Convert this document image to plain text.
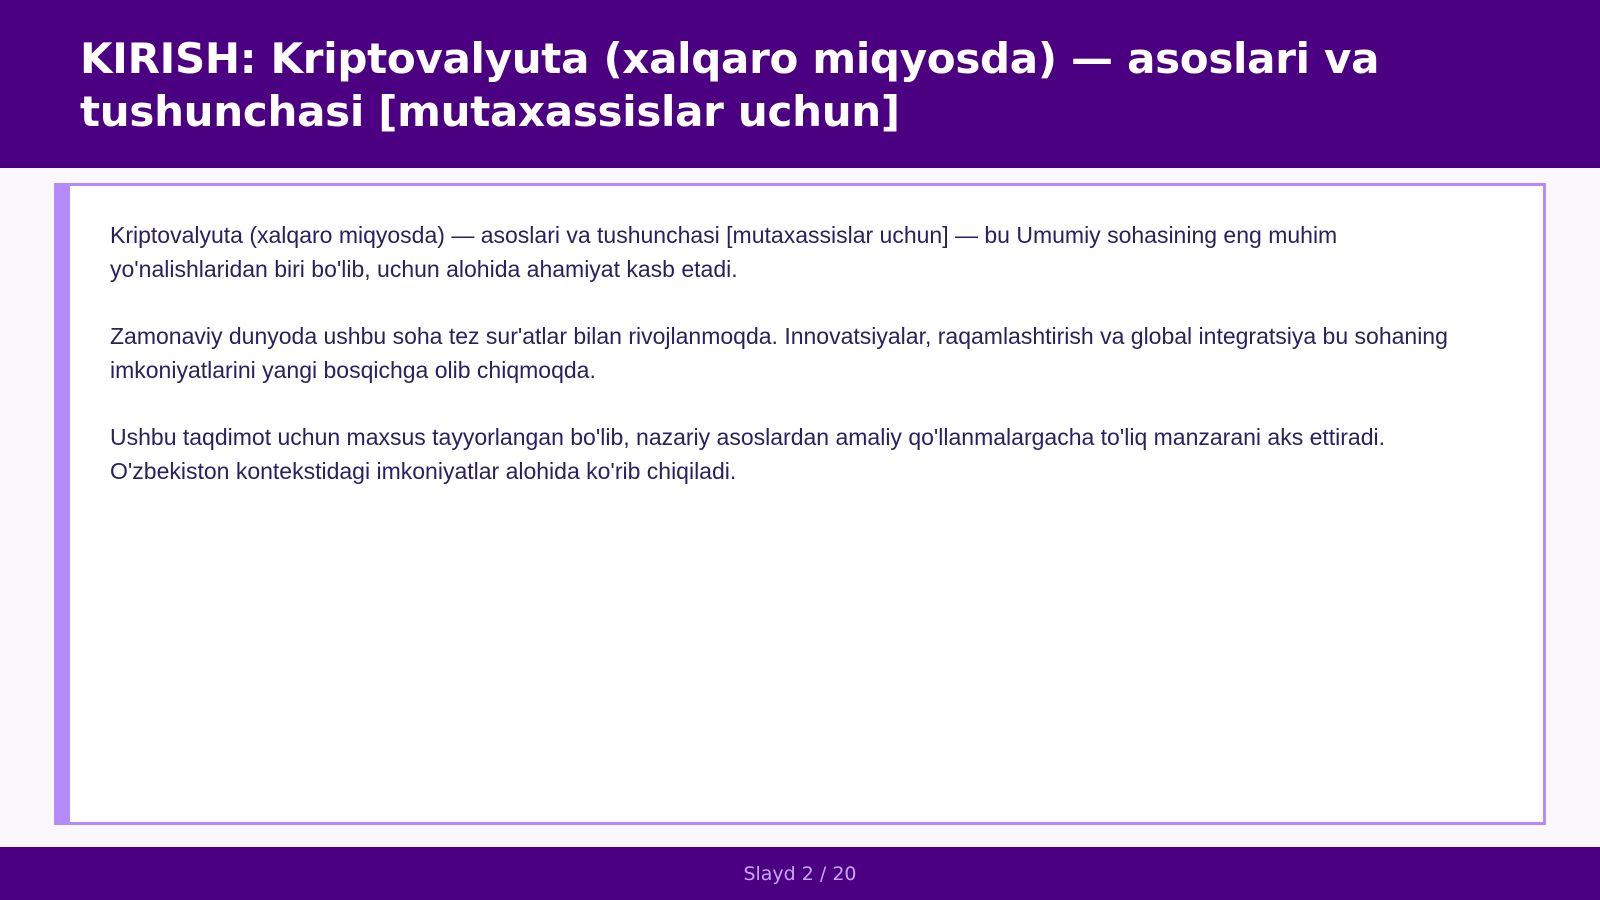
KIRISH: Kriptovalyuta (xalqaro miqyosda) — asoslari va tushunchasi [mutaxassislar uchun]

Kriptovalyuta (xalqaro miqyosda) — asoslari va tushunchasi [mutaxassislar uchun] — bu Umumiy sohasining eng muhim yo'nalishlaridan biri bo'lib, uchun alohida ahamiyat kasb etadi.

Zamonaviy dunyoda ushbu soha tez sur'atlar bilan rivojlanmoqda. Innovatsiyalar, raqamlashtirish va global integratsiya bu sohaning imkoniyatlarini yangi bosqichga olib chiqmoqda.

Ushbu taqdimot uchun maxsus tayyorlangan bo'lib, nazariy asoslardan amaliy qo'llanmalargacha to'liq manzarani aks ettiradi. O'zbekiston kontekstidagi imkoniyatlar alohida ko'rib chiqiladi.

Slayd 2 / 20
